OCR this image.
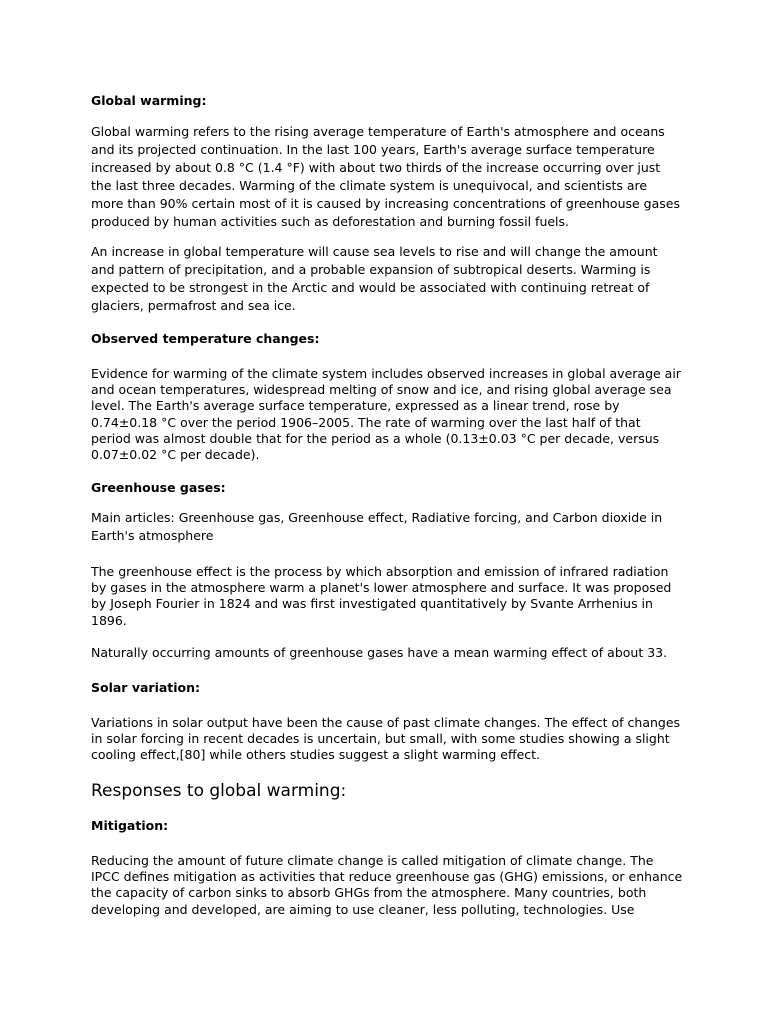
Global warming:

Global warming refers to the rising average temperature of Earth's atmosphere and oceans and its projected continuation. In the last 100 years, Earth's average surface temperature increased by about 0.8 °C (1.4 °F) with about two thirds of the increase occurring over just the last three decades. Warming of the climate system is unequivocal, and scientists are more than 90% certain most of it is caused by increasing concentrations of greenhouse gases produced by human activities such as deforestation and burning fossil fuels.

An increase in global temperature will cause sea levels to rise and will change the amount and pattern of precipitation, and a probable expansion of subtropical deserts. Warming is expected to be strongest in the Arctic and would be associated with continuing retreat of glaciers, permafrost and sea ice.

Observed temperature changes:

Evidence for warming of the climate system includes observed increases in global average air and ocean temperatures, widespread melting of snow and ice, and rising global average sea level. The Earth's average surface temperature, expressed as a linear trend, rose by 0.74±0.18 °C over the period 1906–2005. The rate of warming over the last half of that period was almost double that for the period as a whole (0.13±0.03 °C per decade, versus 0.07±0.02 °C per decade).

Greenhouse gases:

Main articles: Greenhouse gas, Greenhouse effect, Radiative forcing, and Carbon dioxide in Earth's atmosphere

The greenhouse effect is the process by which absorption and emission of infrared radiation by gases in the atmosphere warm a planet's lower atmosphere and surface. It was proposed by Joseph Fourier in 1824 and was first investigated quantitatively by Svante Arrhenius in 1896.

Naturally occurring amounts of greenhouse gases have a mean warming effect of about 33.

Solar variation:

Variations in solar output have been the cause of past climate changes. The effect of changes in solar forcing in recent decades is uncertain, but small, with some studies showing a slight cooling effect,[80] while others studies suggest a slight warming effect.

Responses to global warming:
Mitigation:

Reducing the amount of future climate change is called mitigation of climate change. The IPCC defines mitigation as activities that reduce greenhouse gas (GHG) emissions, or enhance the capacity of carbon sinks to absorb GHGs from the atmosphere. Many countries, both developing and developed, are aiming to use cleaner, less polluting, technologies. Use
